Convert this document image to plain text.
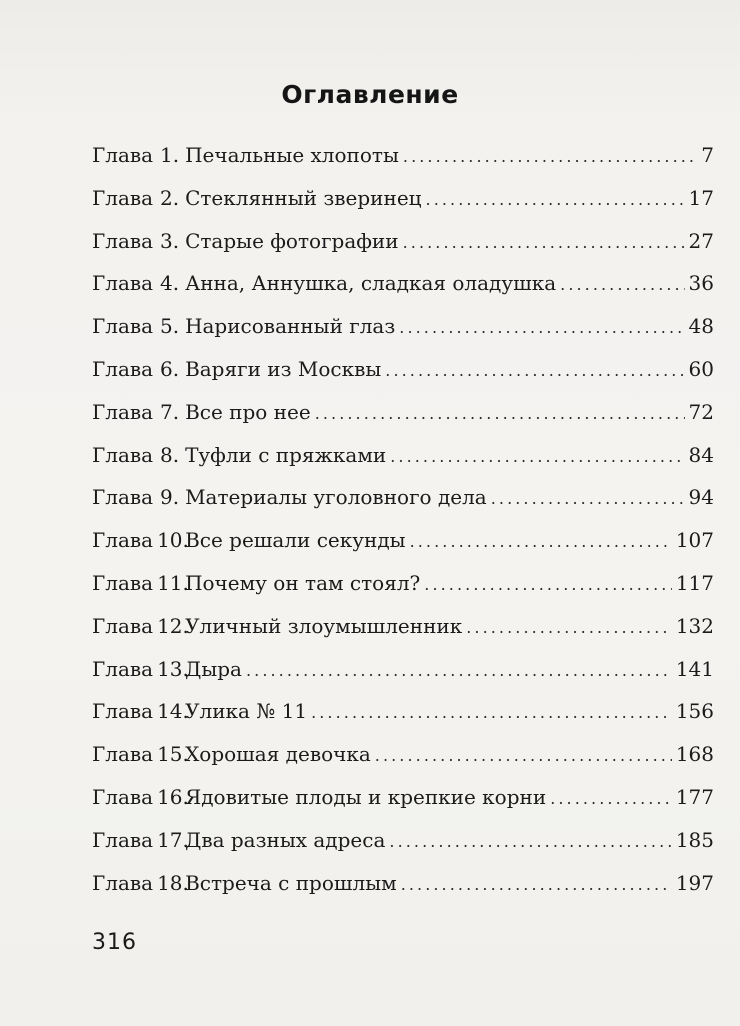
Оглавление
Глава 1. Печальные хлопоты . . .	7
Глава 2. Стеклянный зверинец . . .	17
Глава 3. Старые фотографии . . .	27
Глава 4. Анна, Аннушка, сладкая оладушка . . .	36
Глава 5. Нарисованный глаз . . .	48
Глава 6. Варяги из Москвы . . .	60
Глава 7. Все про нее . . .	72
Глава 8. Туфли с пряжками . . .	84
Глава 9. Материалы уголовного дела . . .	94
Глава 10.Все решали секунды . . .	107
Глава 11.Почему он там стоял? . . .	117
Глава 12.Уличный злоумышленник . . .	132
Глава 13.Дыра . . .	141
Глава 14.Улика № 11 . . .	156
Глава 15.Хорошая девочка . . .	168
Глава 16.Ядовитые плоды и крепкие корни . . .	177
Глава 17.Два разных адреса . . .	185
Глава 18.Встреча с прошлым . . .	197
316
